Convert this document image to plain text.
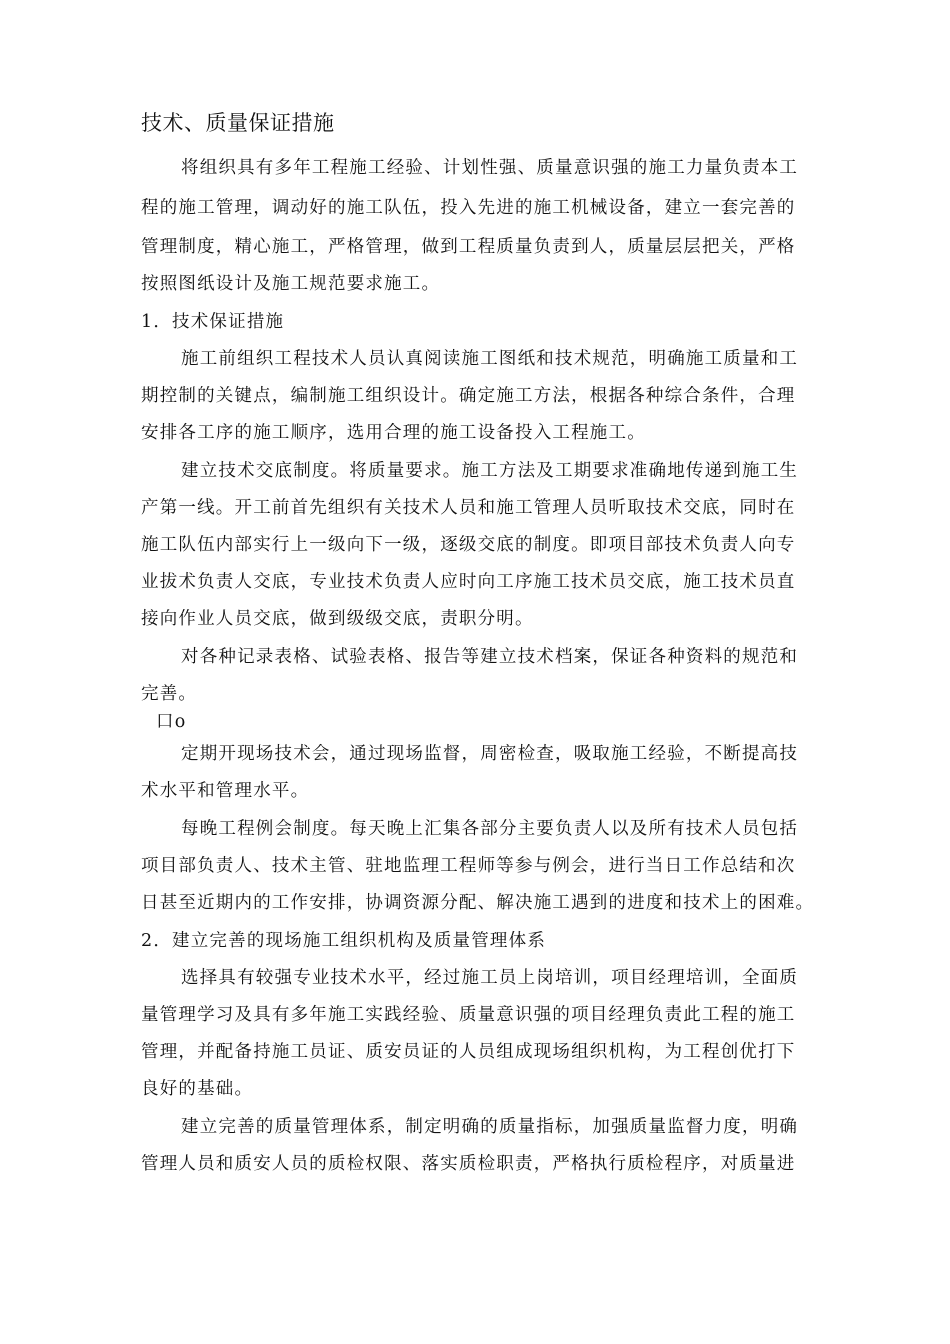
技术、质量保证措施
将组织具有多年工程施工经验、计划性强、质量意识强的施工力量负责本工
程的施工管理，调动好的施工队伍，投入先进的施工机械设备，建立一套完善的
管理制度，精心施工，严格管理，做到工程质量负责到人，质量层层把关，严格
按照图纸设计及施工规范要求施工。
1．技术保证措施
施工前组织工程技术人员认真阅读施工图纸和技术规范，明确施工质量和工
期控制的关键点，编制施工组织设计。确定施工方法，根据各种综合条件，合理
安排各工序的施工顺序，选用合理的施工设备投入工程施工。
建立技术交底制度。将质量要求。施工方法及工期要求准确地传递到施工生
产第一线。开工前首先组织有关技术人员和施工管理人员听取技术交底，同时在
施工队伍内部实行上一级向下一级，逐级交底的制度。即项目部技术负责人向专
业拔术负责人交底，专业技术负责人应时向工序施工技术员交底，施工技术员直
接向作业人员交底，做到级级交底，责职分明。
对各种记录表格、试验表格、报告等建立技术档案，保证各种资料的规范和
完善。
口o
定期开现场技术会，通过现场监督，周密检查，吸取施工经验，不断提高技
术水平和管理水平。
每晚工程例会制度。每天晚上汇集各部分主要负责人以及所有技术人员包括
项目部负责人、技术主管、驻地监理工程师等参与例会，进行当日工作总结和次
日甚至近期内的工作安排，协调资源分配、解决施工遇到的进度和技术上的困难。
2．建立完善的现场施工组织机构及质量管理体系
选择具有较强专业技术水平，经过施工员上岗培训，项目经理培训，全面质
量管理学习及具有多年施工实践经验、质量意识强的项目经理负责此工程的施工
管理，并配备持施工员证、质安员证的人员组成现场组织机构，为工程创优打下
良好的基础。
建立完善的质量管理体系，制定明确的质量指标，加强质量监督力度，明确
管理人员和质安人员的质检权限、落实质检职责，严格执行质检程序，对质量进
